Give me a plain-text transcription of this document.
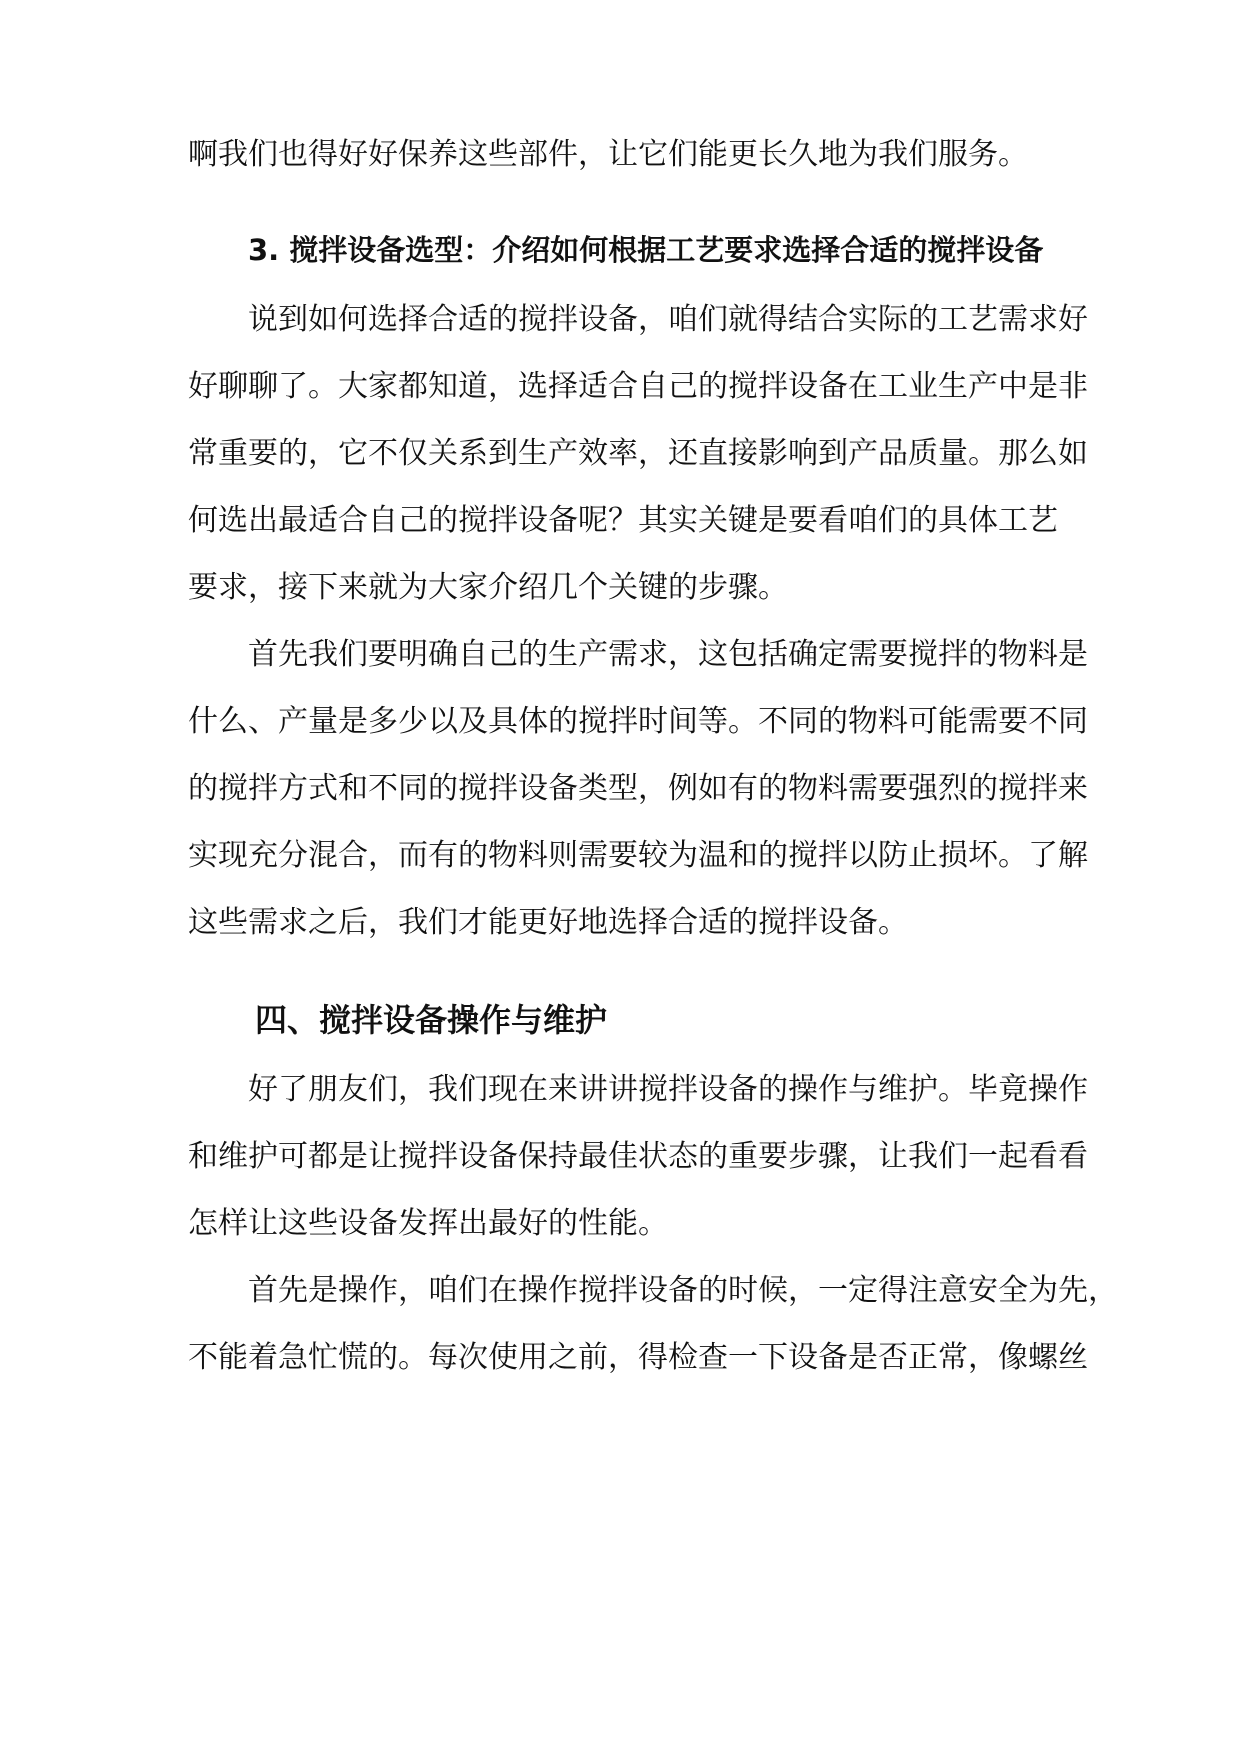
啊我们也得好好保养这些部件，让它们能更长久地为我们服务。
3. 搅拌设备选型：介绍如何根据工艺要求选择合适的搅拌设备
说到如何选择合适的搅拌设备，咱们就得结合实际的工艺需求好
好聊聊了。大家都知道，选择适合自己的搅拌设备在工业生产中是非
常重要的，它不仅关系到生产效率，还直接影响到产品质量。那么如
何选出最适合自己的搅拌设备呢？其实关键是要看咱们的具体工艺
要求，接下来就为大家介绍几个关键的步骤。
首先我们要明确自己的生产需求，这包括确定需要搅拌的物料是
什么、产量是多少以及具体的搅拌时间等。不同的物料可能需要不同
的搅拌方式和不同的搅拌设备类型，例如有的物料需要强烈的搅拌来
实现充分混合，而有的物料则需要较为温和的搅拌以防止损坏。了解
这些需求之后，我们才能更好地选择合适的搅拌设备。
四、搅拌设备操作与维护
好了朋友们，我们现在来讲讲搅拌设备的操作与维护。毕竟操作
和维护可都是让搅拌设备保持最佳状态的重要步骤，让我们一起看看
怎样让这些设备发挥出最好的性能。
首先是操作，咱们在操作搅拌设备的时候，一定得注意安全为先，
不能着急忙慌的。每次使用之前，得检查一下设备是否正常，像螺丝
